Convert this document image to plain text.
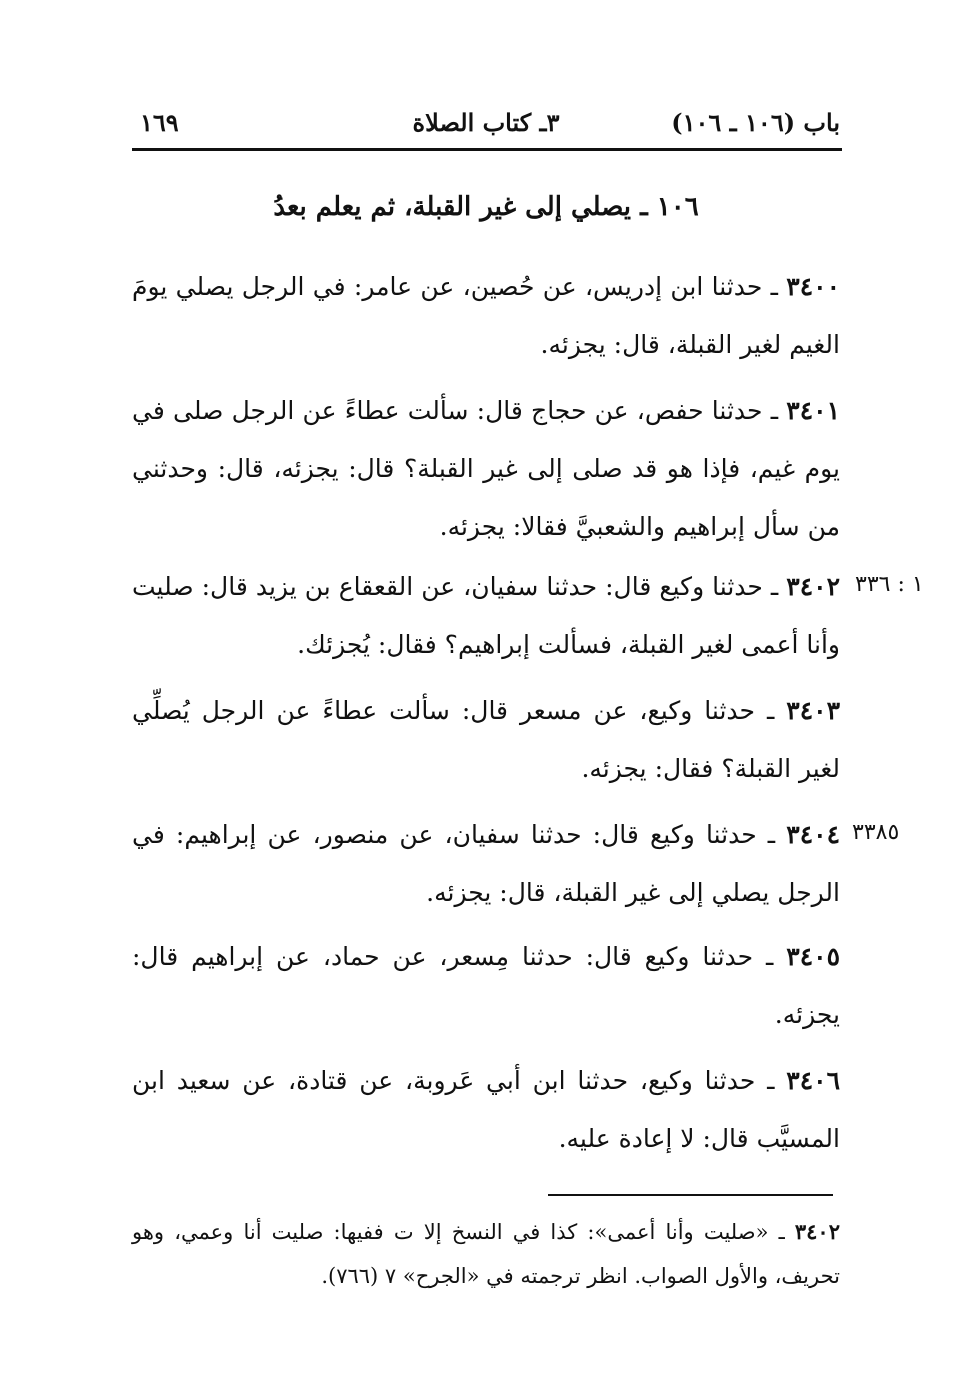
باب (١٠٦ ـ ١٠٦)
٣ـ كتاب الصلاة
١٦٩
١٠٦ ـ يصلي إلى غير القبلة، ثم يعلم بعدُ
٣٤٠٠ ـ حدثنا ابن إدريس، عن حُصين، عن عامر: في الرجل يصلي يومَ الغيم لغير القبلة، قال: يجزئه.
٣٤٠١ ـ حدثنا حفص، عن حجاج قال: سألت عطاءً عن الرجل صلى في يوم غيم، فإذا هو قد صلى إلى غير القبلة؟ قال: يجزئه، قال: وحدثني من سأل إبراهيم والشعبيَّ فقالا: يجزئه.
٣٤٠٢ ـ حدثنا وكيع قال: حدثنا سفيان، عن القعقاع بن يزيد قال: صليت وأنا أعمى لغير القبلة، فسألت إبراهيم؟ فقال: يُجزئك.
١ : ٣٣٦
٣٤٠٣ ـ حدثنا وكيع، عن مسعر قال: سألت عطاءً عن الرجل يُصلِّي لغير القبلة؟ فقال: يجزئه.
٣٤٠٤ ـ حدثنا وكيع قال: حدثنا سفيان، عن منصور، عن إبراهيم: في الرجل يصلي إلى غير القبلة، قال: يجزئه.
٣٣٨٥
٣٤٠٥ ـ حدثنا وكيع قال: حدثنا مِسعر، عن حماد، عن إبراهيم قال: يجزئه.
٣٤٠٦ ـ حدثنا وكيع، حدثنا ابن أبي عَروبة، عن قتادة، عن سعيد ابن المسيَّب قال: لا إعادة عليه.
٣٤٠٢ ـ «صليت وأنا أعمى»: كذا في النسخ إلا ت ففيها: صليت أنا وعمي، وهو تحريف، والأول الصواب. انظر ترجمته في «الجرح» ٧ (٧٦٦).
